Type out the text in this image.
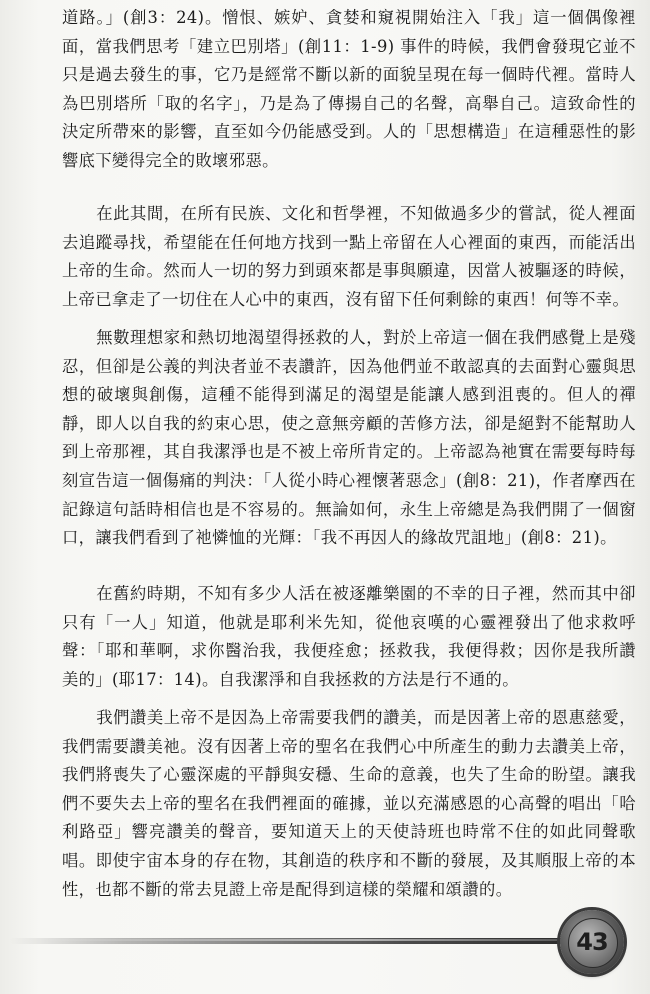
道路。」(創3：24)。憎恨、嫉妒、貪婪和窺視開始注入「我」這一個偶像裡面，當我們思考「建立巴別塔」(創11：1-9) 事件的時候，我們會發現它並不只是過去發生的事，它乃是經常不斷以新的面貌呈現在每一個時代裡。當時人為巴別塔所「取的名字」，乃是為了傳揚自己的名聲，高舉自己。這致命性的決定所帶來的影響，直至如今仍能感受到。人的「思想構造」在這種惡性的影響底下變得完全的敗壞邪惡。

在此其間，在所有民族、文化和哲學裡，不知做過多少的嘗試，從人裡面去追蹤尋找，希望能在任何地方找到一點上帝留在人心裡面的東西，而能活出上帝的生命。然而人一切的努力到頭來都是事與願違，因當人被驅逐的時候，上帝已拿走了一切住在人心中的東西，沒有留下任何剩餘的東西！何等不幸。

無數理想家和熱切地渴望得拯救的人，對於上帝這一個在我們感覺上是殘忍，但卻是公義的判決者並不表讚許，因為他們並不敢認真的去面對心靈與思想的破壞與創傷，這種不能得到滿足的渴望是能讓人感到沮喪的。但人的禪靜，即人以自我的約束心思，使之意無旁顧的苦修方法，卻是絕對不能幫助人到上帝那裡，其自我潔淨也是不被上帝所肯定的。上帝認為祂實在需要每時每刻宣告這一個傷痛的判決：「人從小時心裡懷著惡念」(創8：21)，作者摩西在記錄這句話時相信也是不容易的。無論如何，永生上帝總是為我們開了一個窗口，讓我們看到了祂憐恤的光輝：「我不再因人的緣故咒詛地」(創8：21)。

在舊約時期，不知有多少人活在被逐離樂園的不幸的日子裡，然而其中卻只有「一人」知道，他就是耶利米先知，從他哀嘆的心靈裡發出了他求救呼聲：「耶和華啊，求你醫治我，我便痊愈；拯救我，我便得救；因你是我所讚美的」(耶17：14)。自我潔淨和自我拯救的方法是行不通的。

我們讚美上帝不是因為上帝需要我們的讚美，而是因著上帝的恩惠慈愛，我們需要讚美祂。沒有因著上帝的聖名在我們心中所產生的動力去讚美上帝，我們將喪失了心靈深處的平靜與安穩、生命的意義，也失了生命的盼望。讓我們不要失去上帝的聖名在我們裡面的確據，並以充滿感恩的心高聲的唱出「哈利路亞」響亮讚美的聲音，要知道天上的天使詩班也時常不住的如此同聲歌唱。即使宇宙本身的存在物，其創造的秩序和不斷的發展，及其順服上帝的本性，也都不斷的常去見證上帝是配得到這樣的榮耀和頌讚的。

43
